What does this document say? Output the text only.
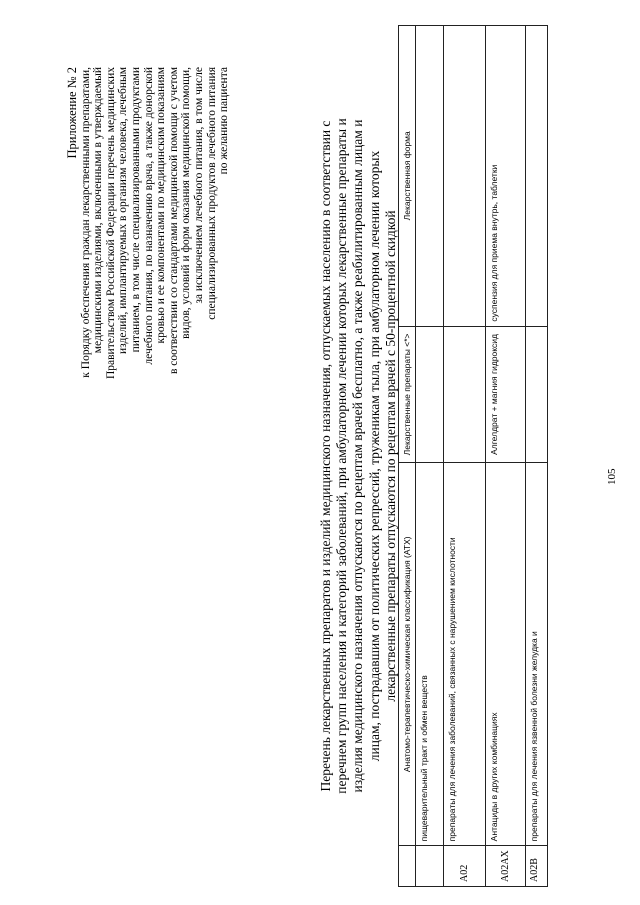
Приложение № 2 к Порядку обеспечения граждан лекарственными препаратами, медицинскими изделиями, включенными в утверждаемый Правительством Российской Федерации перечень медицинских изделий, имплантируемых в организм человека, лечебным питанием, в том числе специализированными продуктами лечебного питания, по назначению врача, а также донорской кровью и ее компонентами по медицинским показаниям в соответствии со стандартами медицинской помощи с учетом видов, условий и форм оказания медицинской помощи, за исключением лечебного питания, в том числе специализированных продуктов лечебного питания по желанию пациента	Перечень лекарственных препаратов и изделий медицинского назначения, отпускаемых населению в соответствии с перечнем групп населения и категорий заболеваний, при амбулаторном лечении которых лекарственные препараты и изделия медицинского назначения отпускаются по рецептам врачей бесплатно, а также реабилитированным лицам и лицам, пострадавшим от политических репрессий, труженикам тыла, при амбулаторном лечении которых лекарственные препараты отпускаются по рецептам врачей с 50-процентной скидкой
	Анатомо-терапевтическо-химическая классификация (АТХ)	Лекарственные препараты <*>	Лекарственная форма
	пищеварительный тракт и обмен веществ		
A02	препараты для лечения заболеваний, связанных с нарушением кислотности		
A02AX	Антациды в других комбинациях	Алгелдрат + магния гидроксид	суспензия для приема внутрь, таблетки
A02B	препараты для лечения язвенной болезни желудка и		
105
